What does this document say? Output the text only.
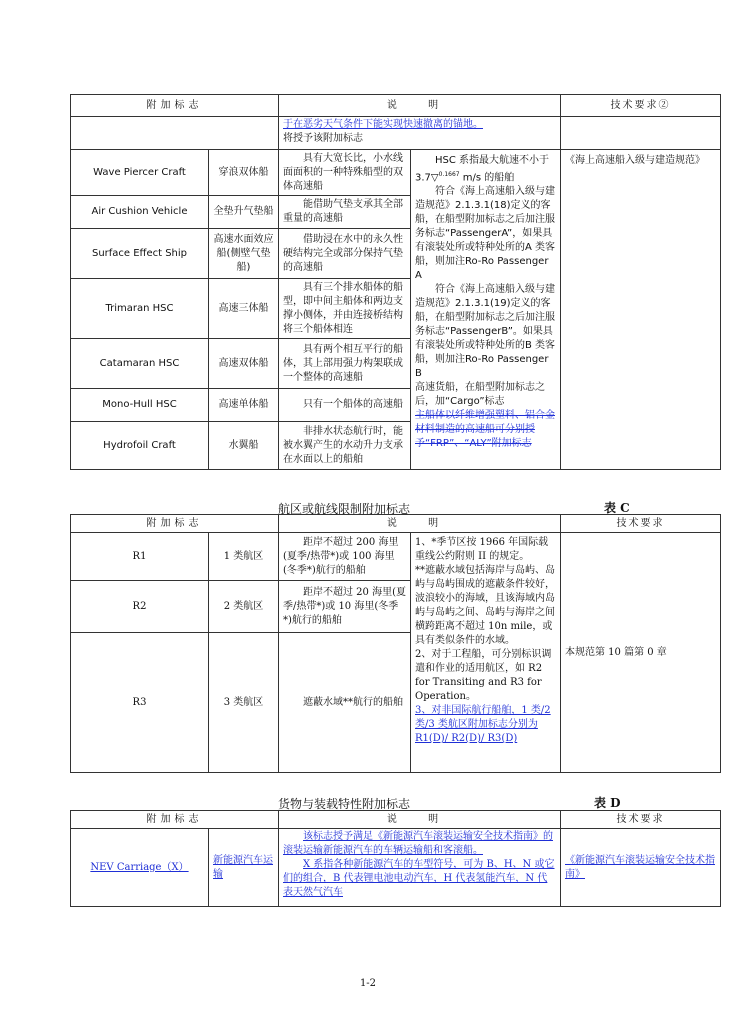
附加标志		说 明		技术要求②

		于在恶劣天气条件下能实现快速撤离的锚地。
将授予该附加标志		

Wave Piercer Craft	穿浪双体船	具有大宽长比，小水线面面积的一种特殊船型的双体高速船	HSC 系指最大航速不小于 3.7▽$^{0.1667}$ m/s 的船舶
符合《海上高速船入级与建造规范》2.1.3.1(18)定义的客船，在船型附加标志之后加注服务标志“PassengerA”，如果具有滚装处所或特种处所的A 类客船，则加注Ro-Ro Passenger A
符合《海上高速船入级与建造规范》2.1.3.1(19)定义的客船，在船型附加标志之后加注服务标志“PassengerB”。如果具有滚装处所或特种处所的B 类客船，则加注Ro-Ro Passenger B
高速货船，在船型附加标志之后，加“Cargo”标志
主船体以纤维增强塑料、铝合金材料制造的高速船可分别授予“FRP”、“ALY”附加标志	《海上高速船入级与建造规范》
Air Cushion Vehicle	全垫升气垫船	能借助气垫支承其全部重量的高速船		
Surface Effect Ship	高速水面效应船(侧壁气垫船)	借助浸在水中的永久性硬结构完全或部分保持气垫的高速船		
Trimaran HSC	高速三体船	具有三个排水船体的船型，即中间主船体和两边支撑小侧体，并由连接桥结构将三个船体相连		
Catamaran HSC	高速双体船	具有两个相互平行的船体，其上部用强力构架联成一个整体的高速船		
Mono-Hull HSC	高速单体船	只有一个船体的高速船		
Hydrofoil Craft	水翼船	非排水状态航行时，能被水翼产生的水动升力支承在水面以上的船舶		
航区或航线限制附加标志	表 C
附加标志		说 明		技术要求
R1	1 类航区	距岸不超过 200 海里(夏季/热带*)或 100 海里(冬季*)航行的船舶	1、*季节区按 1966 年国际载重线公约附则 II 的规定。
**遮蔽水域包括海岸与岛屿、岛屿与岛屿围成的遮蔽条件较好，波浪较小的海域，且该海域内岛屿与岛屿之间、岛屿与海岸之间横跨距离不超过 10n mile，或具有类似条件的水域。
2、对于工程船，可分别标识调遣和作业的适用航区，如 R2 for Transiting and R3 for Operation。
3、对非国际航行船舶，1 类/2 类/3 类航区附加标志分别为 R1(D)/ R2(D)/ R3(D)	本规范第 10 篇第 0 章
R2	2 类航区	距岸不超过 20 海里(夏季/热带*)或 10 海里(冬季*)航行的船舶		
R3	3 类航区	遮蔽水域**航行的船舶		
货物与装载特性附加标志	表 D
附加标志		说 明	技术要求
NEV Carriage（X）	新能源汽车运输	该标志授予满足《新能源汽车滚装运输安全技术指南》的滚装运输新能源汽车的车辆运输船和客滚船。
X 系指各种新能源汽车的车型符号，可为 B、H、N 或它们的组合，B 代表锂电池电动汽车，H 代表氢能汽车，N 代表天然气汽车	《新能源汽车滚装运输安全技术指南》
1-2
